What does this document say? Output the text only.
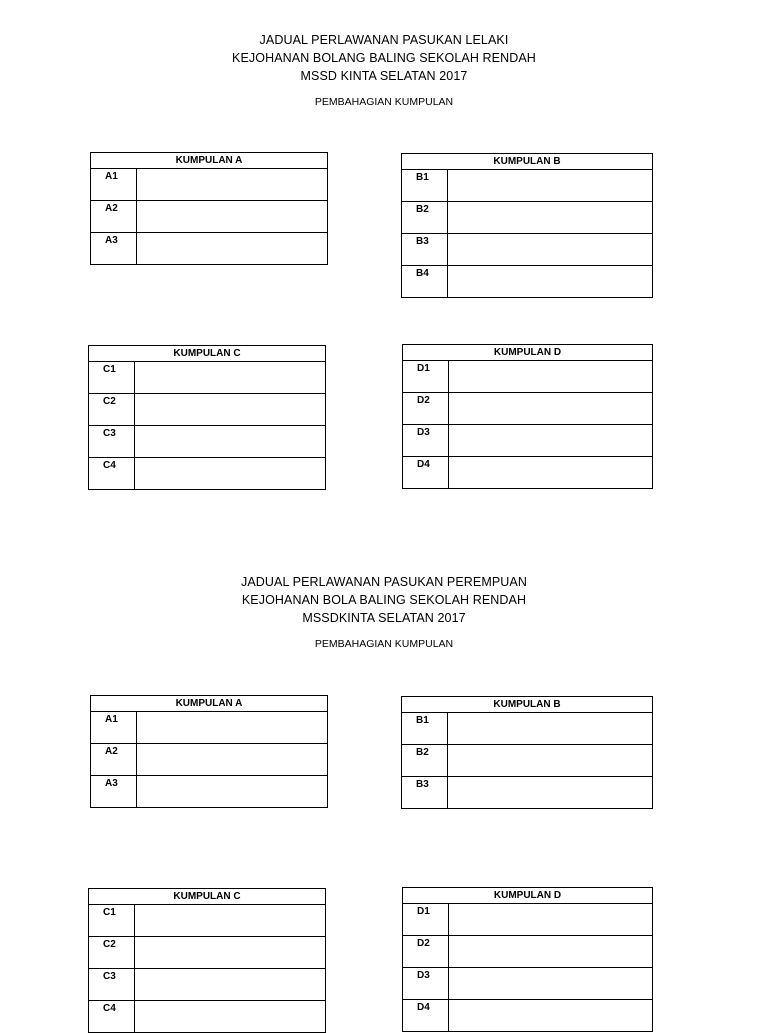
JADUAL PERLAWANAN PASUKAN LELAKI
KEJOHANAN BOLANG BALING SEKOLAH RENDAH
MSSD KINTA SELATAN 2017
PEMBAHAGIAN KUMPULAN
KUMPULAN A	
A1	
A2	
A3	
KUMPULAN B	
B1	
B2	
B3	
B4	
KUMPULAN C	
C1	
C2	
C3	
C4	
KUMPULAN D	
D1	
D2	
D3	
D4	
JADUAL PERLAWANAN PASUKAN PEREMPUAN
KEJOHANAN BOLA BALING SEKOLAH RENDAH
MSSDKINTA SELATAN 2017
PEMBAHAGIAN KUMPULAN
KUMPULAN A	
A1	
A2	
A3	
KUMPULAN B	
B1	
B2	
B3	
KUMPULAN C	
C1	
C2	
C3	
C4	
KUMPULAN D	
D1	
D2	
D3	
D4	
